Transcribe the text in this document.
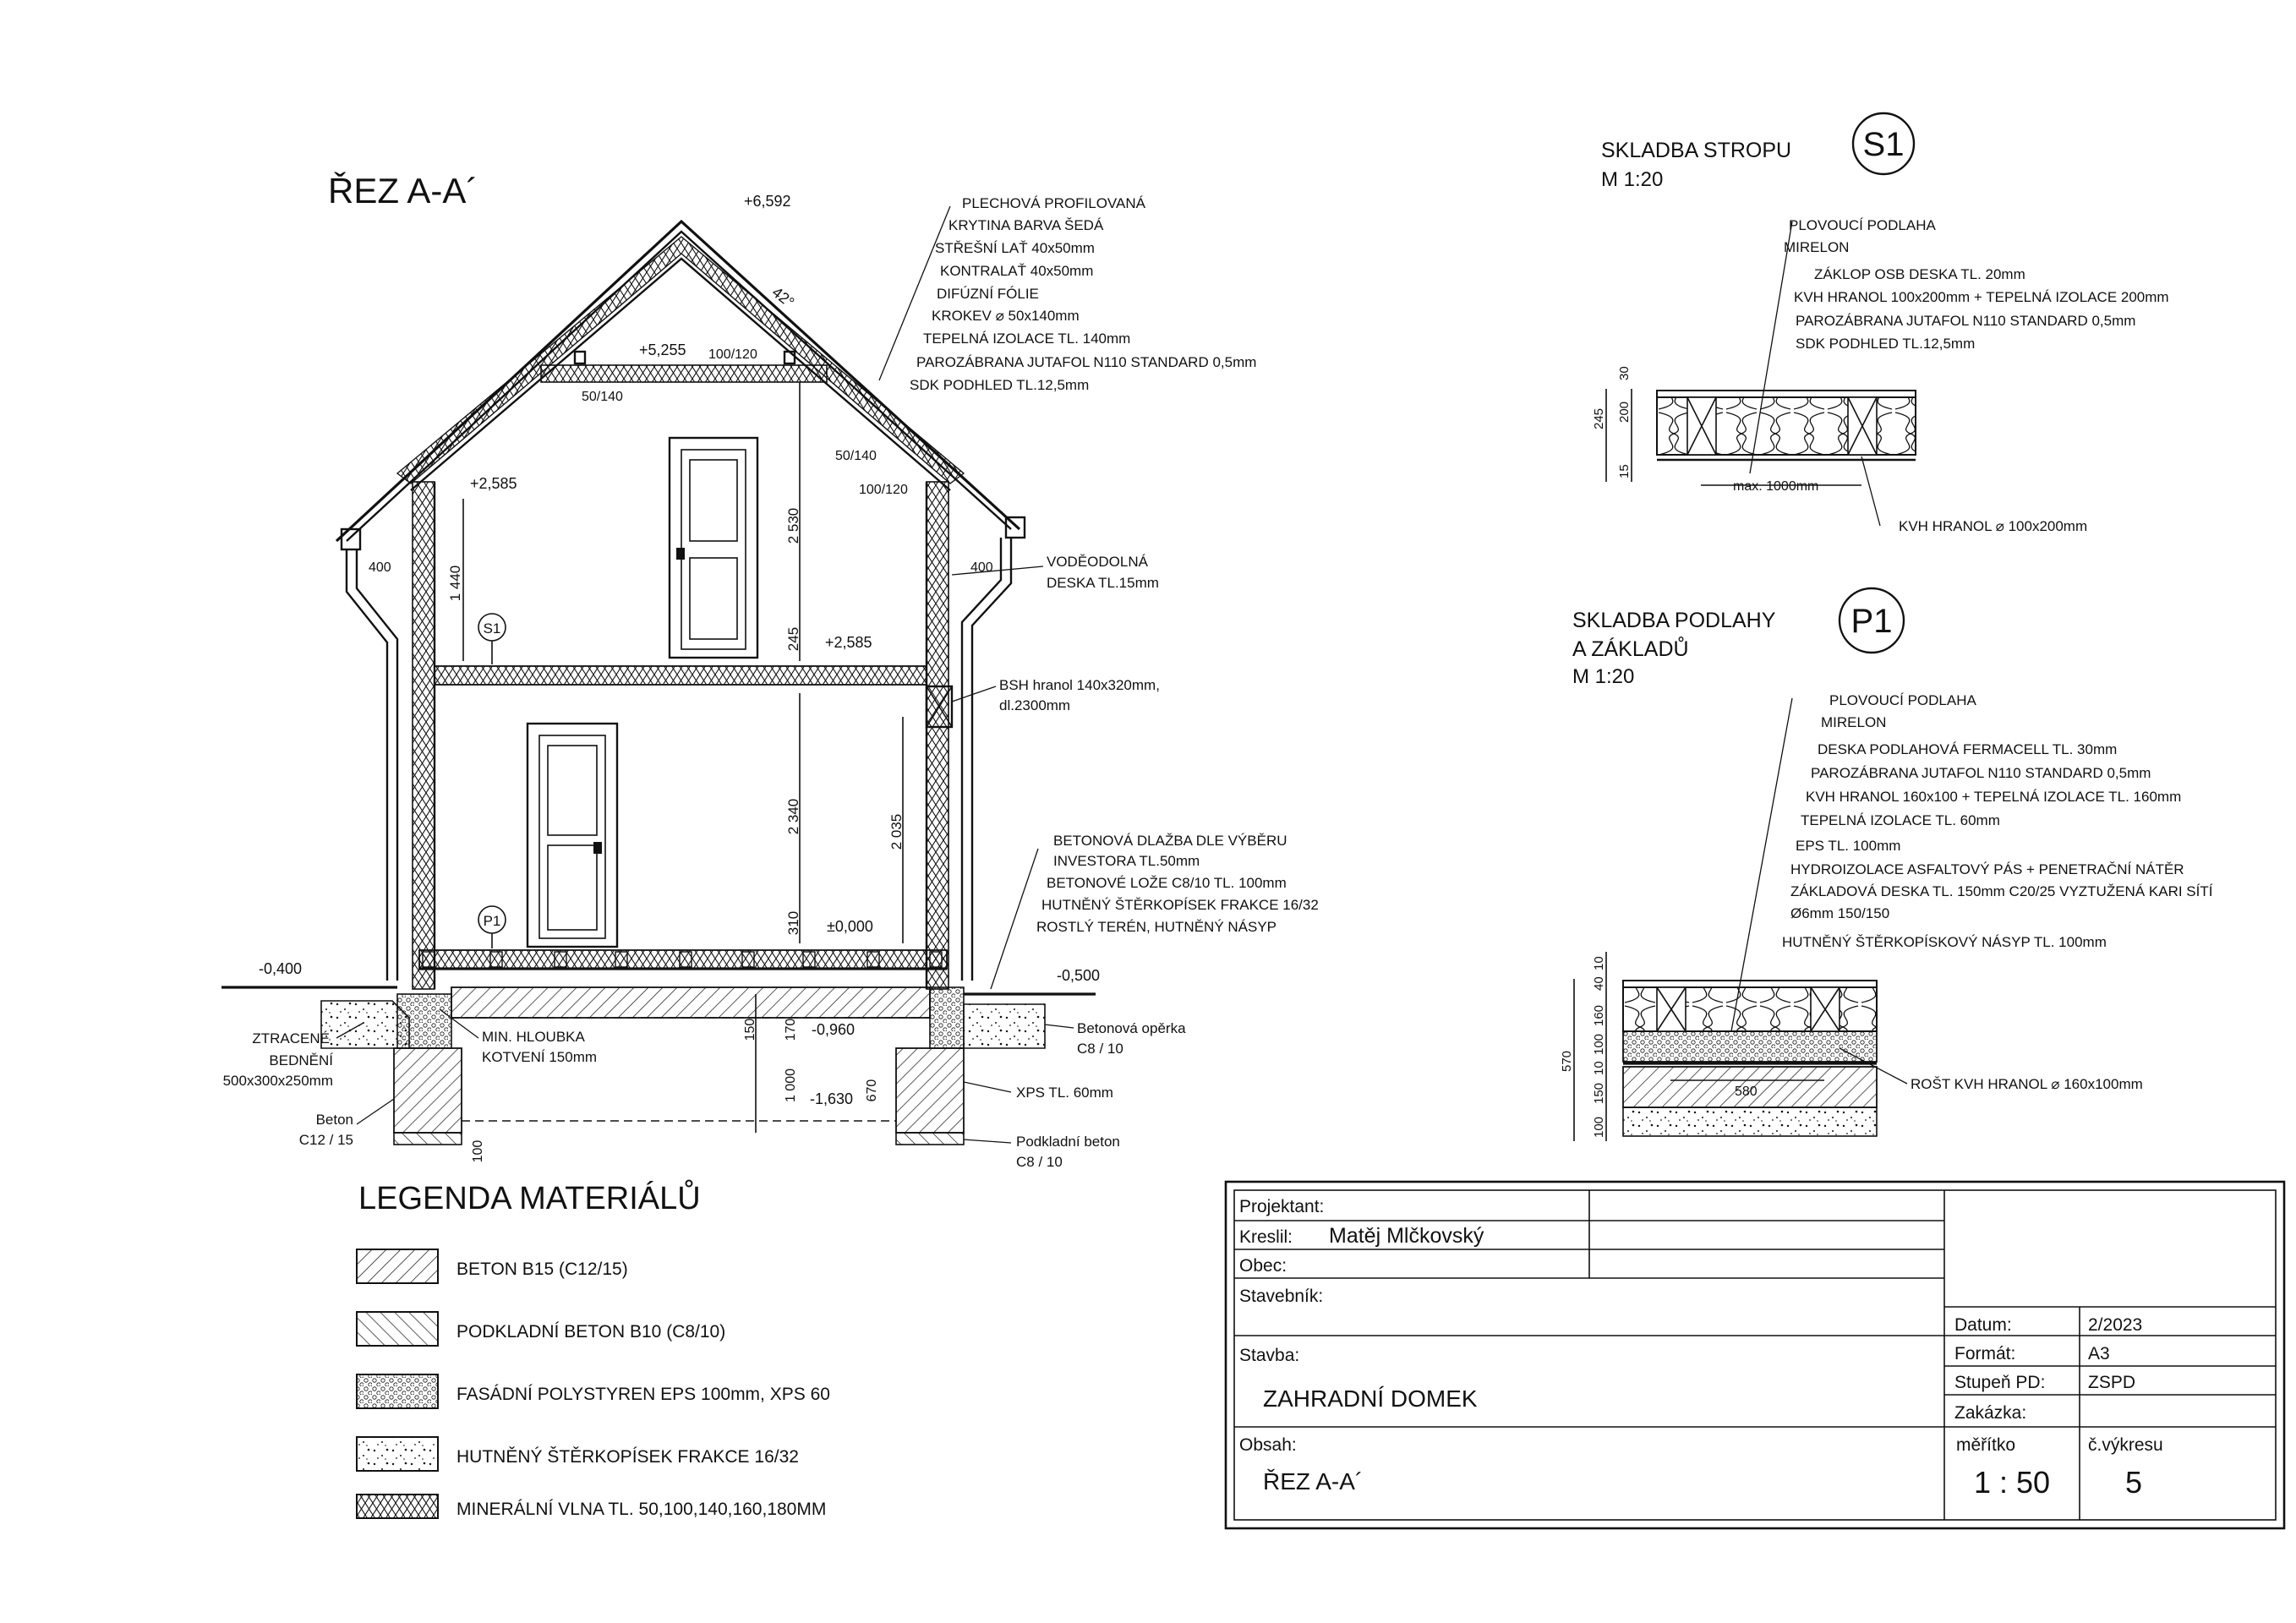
ŘEZ A-A´
+5,255 100/120
50/140
+6,592
+2,585
+2,585
±0,000
-0,400	-0,500
-0,960
-1,630
42°
50/140
100/120
400	400
1 440
2 530
245
2 340
310
2 035
150 170
1 000	670
100
S1
P1
PLECHOVÁ PROFILOVANÁ
KRYTINA BARVA ŠEDÁ
STŘEŠNÍ LAŤ 40x50mm
KONTRALAŤ 40x50mm
DIFÚZNÍ FÓLIE
KROKEV ⌀ 50x140mm
TEPELNÁ IZOLACE TL. 140mm
PAROZÁBRANA JUTAFOL N110 STANDARD 0,5mm
SDK PODHLED TL.12,5mm
VODĚODOLNÁ
DESKA TL.15mm
BSH hranol 140x320mm,
dl.2300mm
BETONOVÁ DLAŽBA DLE VÝBĚRU
INVESTORA TL.50mm
BETONOVÉ LOŽE C8/10 TL. 100mm
HUTNĚNÝ ŠTĚRKOPÍSEK FRAKCE 16/32
ROSTLÝ TERÉN, HUTNĚNÝ NÁSYP
Betonová opěrka
C8 / 10
XPS TL. 60mm
Podkladní beton
C8 / 10
ZTRACENÉ
BEDNĚNÍ
500x300x250mm
Beton
C12 / 15
MIN. HLOUBKA
KOTVENÍ 150mm
SKLADBA STROPU
M 1:20
S1
PLOVOUCÍ PODLAHA
MIRELON
ZÁKLOP OSB DESKA TL. 20mm
KVH HRANOL 100x200mm + TEPELNÁ IZOLACE 200mm
PAROZÁBRANA JUTAFOL N110 STANDARD 0,5mm
SDK PODHLED TL.12,5mm
30
200
15
245
max. 1000mm
KVH HRANOL ⌀ 100x200mm
SKLADBA PODLAHY
A ZÁKLADŮ
M 1:20
P1
PLOVOUCÍ PODLAHA
MIRELON
DESKA PODLAHOVÁ FERMACELL TL. 30mm
PAROZÁBRANA JUTAFOL N110 STANDARD 0,5mm
KVH HRANOL 160x100 + TEPELNÁ IZOLACE TL. 160mm
TEPELNÁ IZOLACE TL. 60mm
EPS TL. 100mm
HYDROIZOLACE ASFALTOVÝ PÁS + PENETRAČNÍ NÁTĚR
ZÁKLADOVÁ DESKA TL. 150mm C20/25 VYZTUŽENÁ KARI SÍTÍ
Ø6mm 150/150
HUTNĚNÝ ŠTĚRKOPÍSKOVÝ NÁSYP TL. 100mm
10
40
160
100
10
150
100
570
580	ROŠT KVH HRANOL ⌀ 160x100mm
LEGENDA MATERIÁLŮ
BETON B15 (C12/15)
PODKLADNÍ BETON B10 (C8/10)
FASÁDNÍ POLYSTYREN EPS 100mm, XPS 60
HUTNĚNÝ ŠTĚRKOPÍSEK FRAKCE 16/32
MINERÁLNÍ VLNA TL. 50,100,140,160,180MM
Projektant:
Kreslil: Matěj Mlčkovský
Obec:
Stavebník:
Stavba:
ZAHRADNÍ DOMEK
Obsah:
ŘEZ A-A´
Datum:	2/2023
Formát:	A3
Stupeň PD: ZSPD
Zakázka:
měřítko	č.výkresu
1 : 50 5
